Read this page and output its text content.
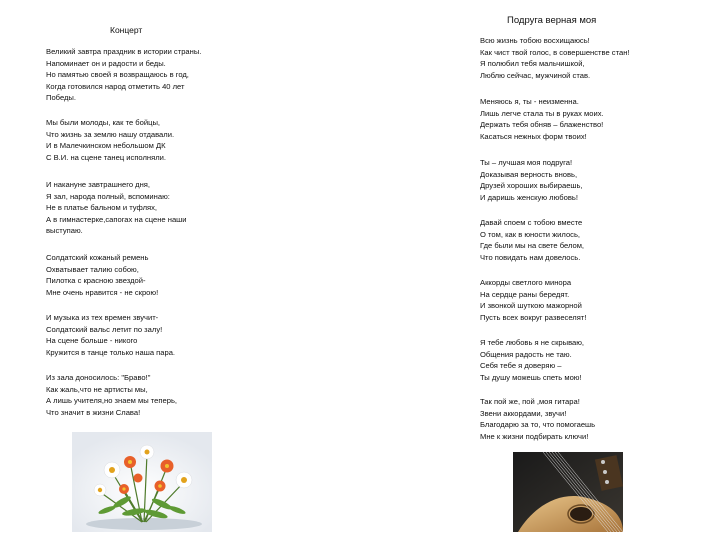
Концерт
Великий завтра праздник в истории страны.
Напоминает он и радости и беды.
Но памятью своей я возвращаюсь в год,
Когда готовился народ отметить 40 лет
Победы.
Мы были молоды, как те бойцы,
Что жизнь за землю нашу отдавали.
И в Малечкинском небольшом ДК
С В.И. на сцене танец исполняли.
И накануне завтрашнего дня,
Я зал, народа полный, вспоминаю:
Не в платье бальном и туфлях,
А в гимнастерке,сапогах на сцене наши
выступаю.
Солдатский кожаный ремень
Охватывает талию собою,
Пилотка с красною звездой-
Мне очень нравится - не скрою!
И музыка из тех времен звучит-
Солдатский вальс летит по залу!
На сцене больше - никого
Кружится в танце только наша пара.
Из зала доносилось: "Браво!"
Как жаль,что не артисты мы,
А лишь учителя,но знаем мы теперь,
Что значит в жизни Слава!
Подруга верная моя
Всю жизнь тобою восхищаюсь!
Как чист твой голос, в совершенстве стан!
Я полюбил тебя мальчишкой,
Люблю сейчас, мужчиной став.
Меняюсь я, ты - неизменна.
Лишь легче стала ты в руках моих.
Держать тебя обняв – блаженство!
Касаться нежных форм твоих!
Ты – лучшая моя подруга!
Доказывая верность вновь,
Друзей хороших выбираешь,
И даришь женскую любовь!
Давай споем с тобою вместе
О том, как в юности жилось,
Где были мы на свете белом,
Что повидать нам довелось.
Аккорды светлого минора
На сердце раны бередят.
И звонкой шуткою мажорной
Пусть всех вокруг развеселят!
Я тебе любовь я не скрываю,
Общения радость не таю.
Себя тебе я доверяю –
Ты душу можешь спеть мою!
Так пой же, пой ,моя гитара!
Звени аккордами, звучи!
Благодарю за то, что помогаешь
Мне к жизни подбирать ключи!
